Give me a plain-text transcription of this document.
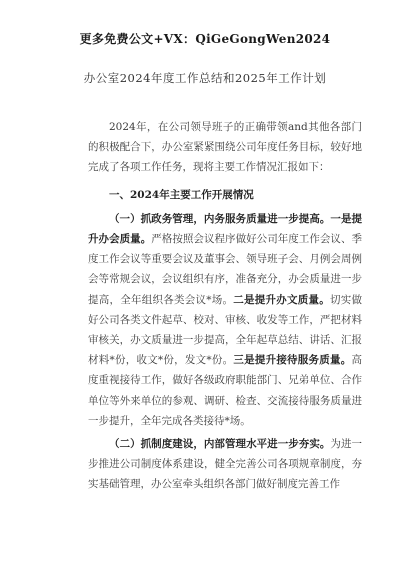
更多免费公文+VX：QiGeGongWen2024
办公室2024年度工作总结和2025年工作计划

2024年，在公司领导班子的正确带领and其他各部门的积极配合下，办公室紧紧围绕公司年度任务目标，较好地完成了各项工作任务，现将主要工作情况汇报如下：

一、2024年主要工作开展情况

（一）抓政务管理，内务服务质量进一步提高。一是提升办会质量。严格按照会议程序做好公司年度工作会议、季度工作会议等重要会议及董事会、领导班子会、月例会周例会等常规会议，会议组织有序，准备充分，办会质量进一步提高，全年组织各类会议*场。二是提升办文质量。切实做好公司各类文件起草、校对、审核、收发等工作，严把材料审核关，办文质量进一步提高，全年起草总结、讲话、汇报材料*份，收文*份，发文*份。三是提升接待服务质量。高度重视接待工作，做好各级政府职能部门、兄弟单位、合作单位等外来单位的参观、调研、检查、交流接待服务质量进一步提升，全年完成各类接待*场。

（二）抓制度建设，内部管理水平进一步夯实。为进一步推进公司制度体系建设，健全完善公司各项规章制度，夯实基础管理，办公室牵头组织各部门做好制度完善工作
